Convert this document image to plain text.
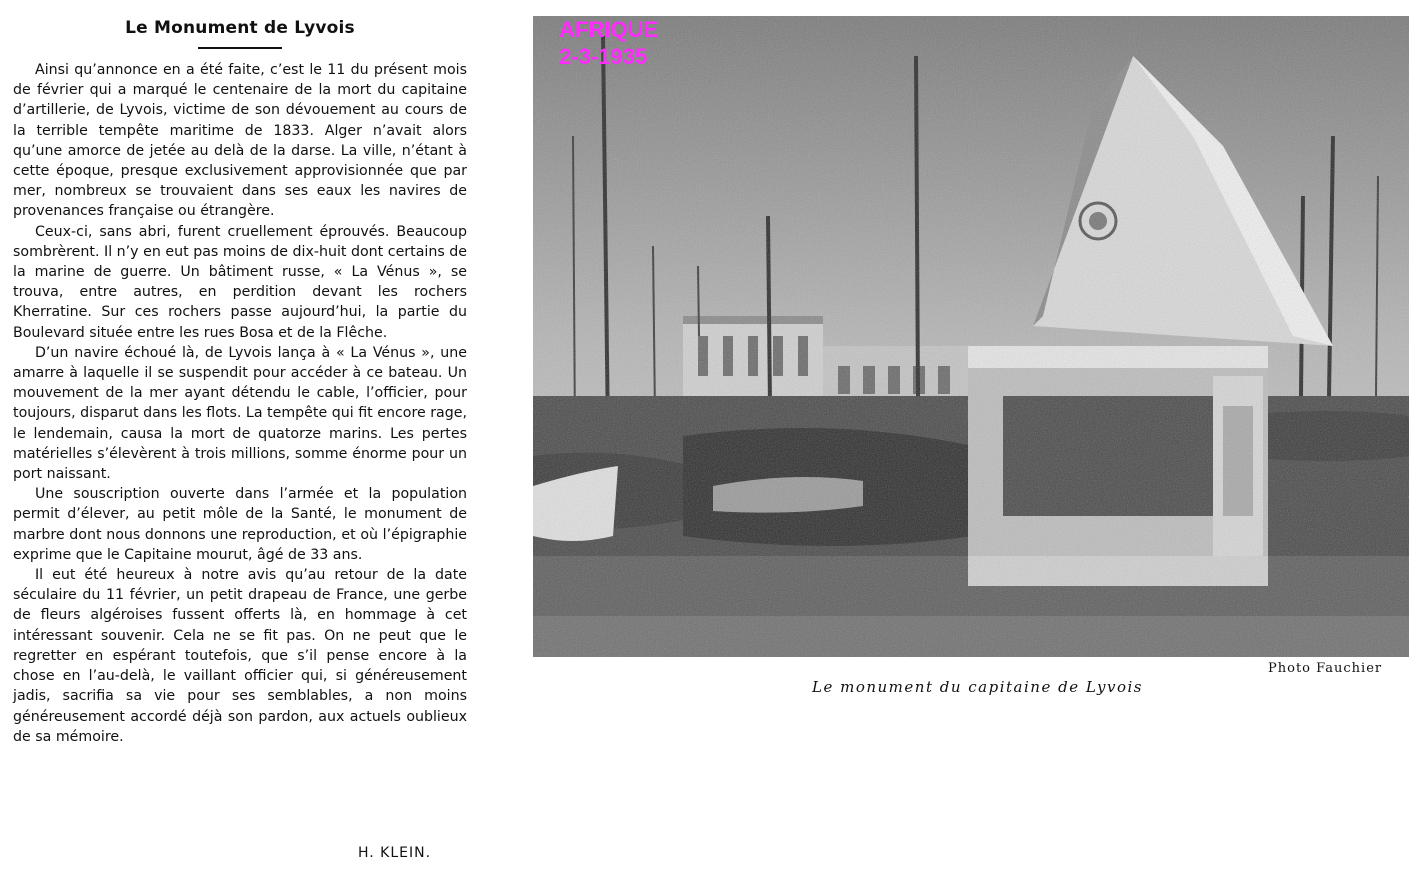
Le Monument de Lyvois

Ainsi qu’annonce en a été faite, c’est le 11 du présent mois de février qui a marqué le centenaire de la mort du capitaine d’artillerie, de Lyvois, victime de son dévouement au cours de la terrible tempête maritime de 1833. Alger n’avait alors qu’une amorce de jetée au delà de la darse. La ville, n’étant à cette époque, presque exclusivement approvisionnée que par mer, nombreux se trouvaient dans ses eaux les navires de provenances française ou étrangère.

Ceux-ci, sans abri, furent cruellement éprouvés. Beaucoup sombrèrent. Il n’y en eut pas moins de dix-huit dont certains de la marine de guerre. Un bâtiment russe, « La Vénus », se trouva, entre autres, en perdition devant les rochers Kherratine. Sur ces rochers passe aujourd’hui, la partie du Boulevard située entre les rues Bosa et de la Flêche.

D’un navire échoué là, de Lyvois lança à « La Vénus », une amarre à laquelle il se suspendit pour accéder à ce bateau. Un mouvement de la mer ayant détendu le cable, l’officier, pour toujours, disparut dans les flots. La tempête qui fit encore rage, le lendemain, causa la mort de quatorze marins. Les pertes matérielles s’élevèrent à trois millions, somme énorme pour un port naissant.

Une souscription ouverte dans l’armée et la population permit d’élever, au petit môle de la Santé, le monument de marbre dont nous donnons une reproduction, et où l’épigraphie exprime que le Capitaine mourut, âgé de 33 ans.

Il eut été heureux à notre avis qu’au retour de la date séculaire du 11 février, un petit drapeau de France, une gerbe de fleurs algéroises fussent offerts là, en hommage à cet intéressant souvenir. Cela ne se fit pas. On ne peut que le regretter en espérant toutefois, que s’il pense encore à la chose en l’au-delà, le vaillant officier qui, si généreusement jadis, sacrifia sa vie pour ses semblables, a non moins généreusement accordé déjà son pardon, aux actuels oublieux de sa mémoire.

H. KLEIN.
AFRIQUE
2-3-1935
Photo Fauchier
Le monument du capitaine de Lyvois
